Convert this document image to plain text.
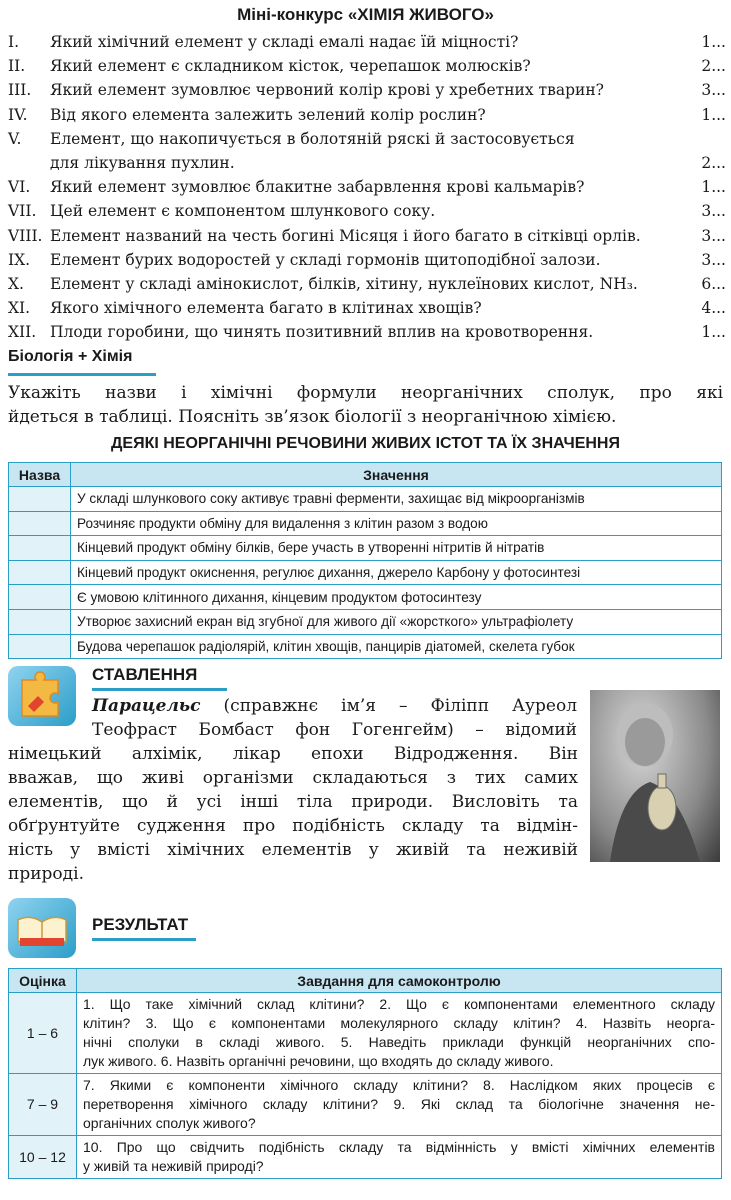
Міні-конкурс «ХІМІЯ ЖИВОГО»
I. Який хімічний елемент у складі емалі надає їй міцності?	1...
II. Який елемент є складником кісток, черепашок молюсків?	2...
III. Який елемент зумовлює червоний колір крові у хребетних тварин?	3...
IV. Від якого елемента залежить зелений колір рослин?	1...
V. Елемент, що накопичується в болотяній ряскі й застосовується
для лікування пухлин.	2...
VI. Який елемент зумовлює блакитне забарвлення крові кальмарів?	1...
VII. Цей елемент є компонентом шлункового соку.	3...
VIII. Елемент названий на честь богині Місяця і його багато в сітківці орлів.	3...
IX. Елемент бурих водоростей у складі гормонів щитоподібної залози.	3...
X. Елемент у складі амінокислот, білків, хітину, нуклеїнових кислот, NH₃.	6...
XI. Якого хімічного елемента багато в клітинах хвощів?	4...
XII. Плоди горобини, що чинять позитивний вплив на кровотворення.	1...
Біологія + Хімія
Укажіть назви і хімічні формули неорганічних сполук, про які
йдеться в таблиці. Поясніть зв’язок біології з неорганічною хімією.
ДЕЯКІ НЕОРГАНІЧНІ РЕЧОВИНИ ЖИВИХ ІСТОТ ТА ЇХ ЗНАЧЕННЯ
Назва	Значення
	У складі шлункового соку активує травні ферменти, захищає від мікроорганізмів
	Розчиняє продукти обміну для видалення з клітин разом з водою
	Кінцевий продукт обміну білків, бере участь в утворенні нітритів й нітратів
	Кінцевий продукт окиснення, регулює дихання, джерело Карбону у фотосинтезі
	Є умовою клітинного дихання, кінцевим продуктом фотосинтезу
	Утворює захисний екран від згубної для живого дії «жорсткого» ультрафіолету
	Будова черепашок радіолярій, клітин хвощів, панцирів діатомей, скелета губок
СТАВЛЕННЯ
Парацельс (справжнє ім’я – Філіпп Ауреол
Теофраст Бомбаст фон Гогенгейм) – відомий
німецький алхімік, лікар епохи Відродження. Він
вважав, що живі організми складаються з тих самих
елементів, що й усі інші тіла природи. Висловіть та
обґрунтуйте судження про подібність складу та відмін-
ність у вмісті хімічних елементів у живій та неживій
природі.
РЕЗУЛЬТАТ
Оцінка	Завдання для самоконтролю
1 – 6	1. Що таке хімічний склад клітини? 2. Що є компонентами елементного складу
клітин? 3. Що є компонентами молекулярного складу клітин? 4. Назвіть неорга-
нічні сполуки в складі живого. 5. Наведіть приклади функцій неорганічних спо-
лук живого. 6. Назвіть органічні речовини, що входять до складу живого.

7 – 9	7. Якими є компоненти хімічного складу клітини? 8. Наслідком яких процесів є
перетворення хімічного складу клітини? 9. Які склад та біологічне значення не-
органічних сполук живого?

10 – 12	10. Про що свідчить подібність складу та відмінність у вмісті хімічних елементів
у живій та неживій природі?
